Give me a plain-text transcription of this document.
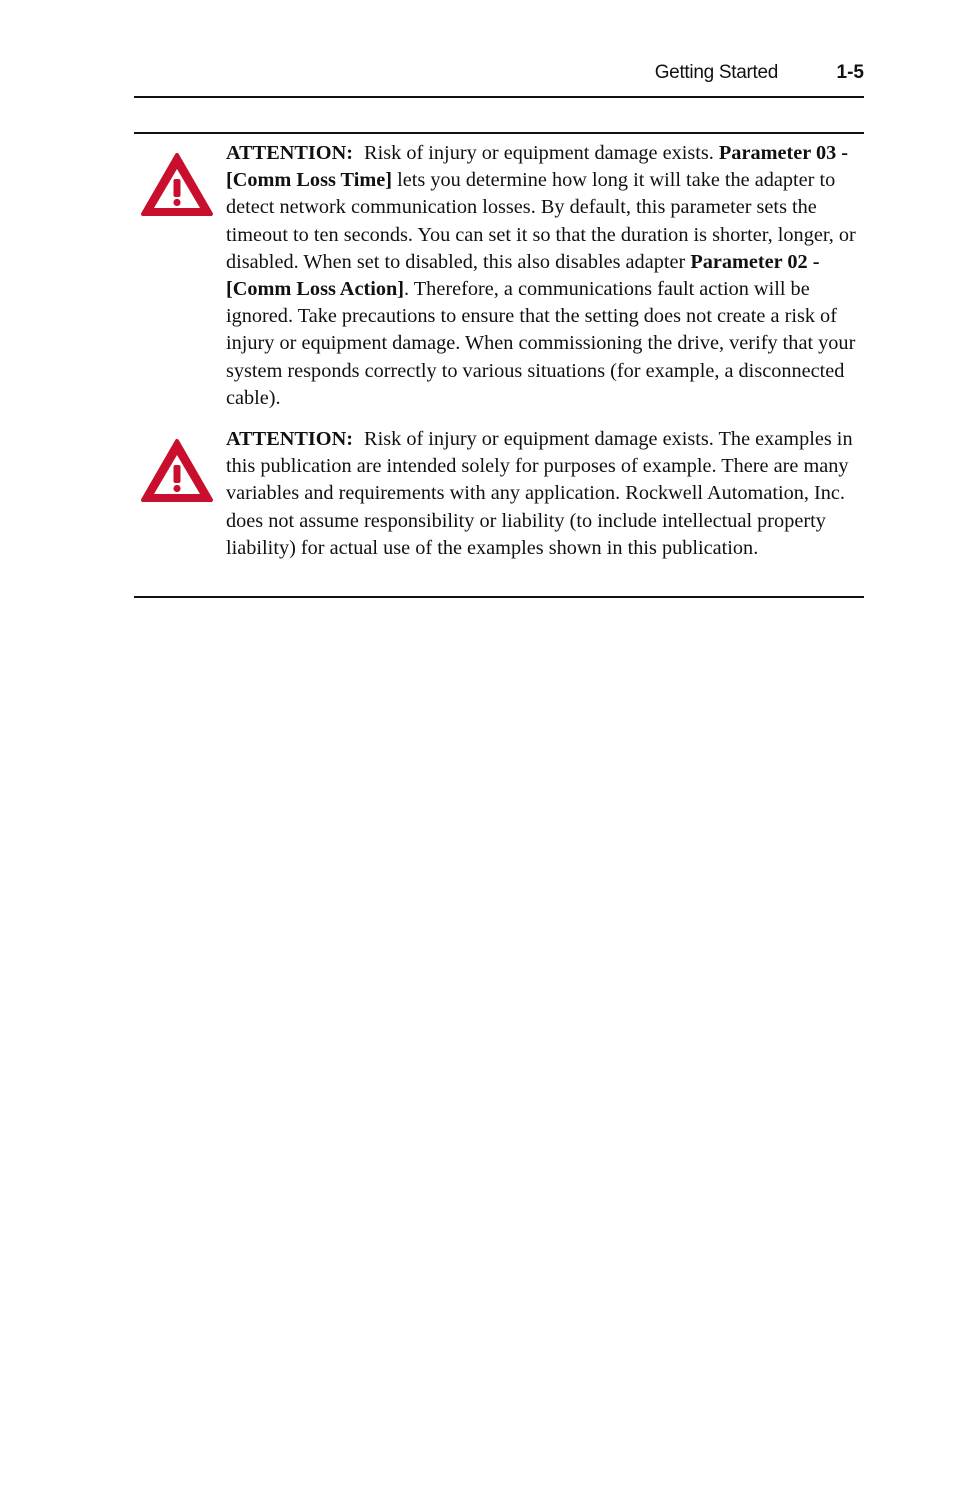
Getting Started	1-5
ATTENTION: Risk of injury or equipment damage exists. Parameter 03 - [Comm Loss Time] lets you determine how long it will take the adapter to detect network communication losses. By default, this parameter sets the timeout to ten seconds. You can set it so that the duration is shorter, longer, or disabled. When set to disabled, this also disables adapter Parameter 02 - [Comm Loss Action]. Therefore, a communications fault action will be ignored. Take precautions to ensure that the setting does not create a risk of injury or equipment damage. When commissioning the drive, verify that your system responds correctly to various situations (for example, a disconnected cable).
ATTENTION: Risk of injury or equipment damage exists. The examples in this publication are intended solely for purposes of example. There are many variables and requirements with any application. Rockwell Automation, Inc. does not assume responsibility or liability (to include intellectual property liability) for actual use of the examples shown in this publication.
